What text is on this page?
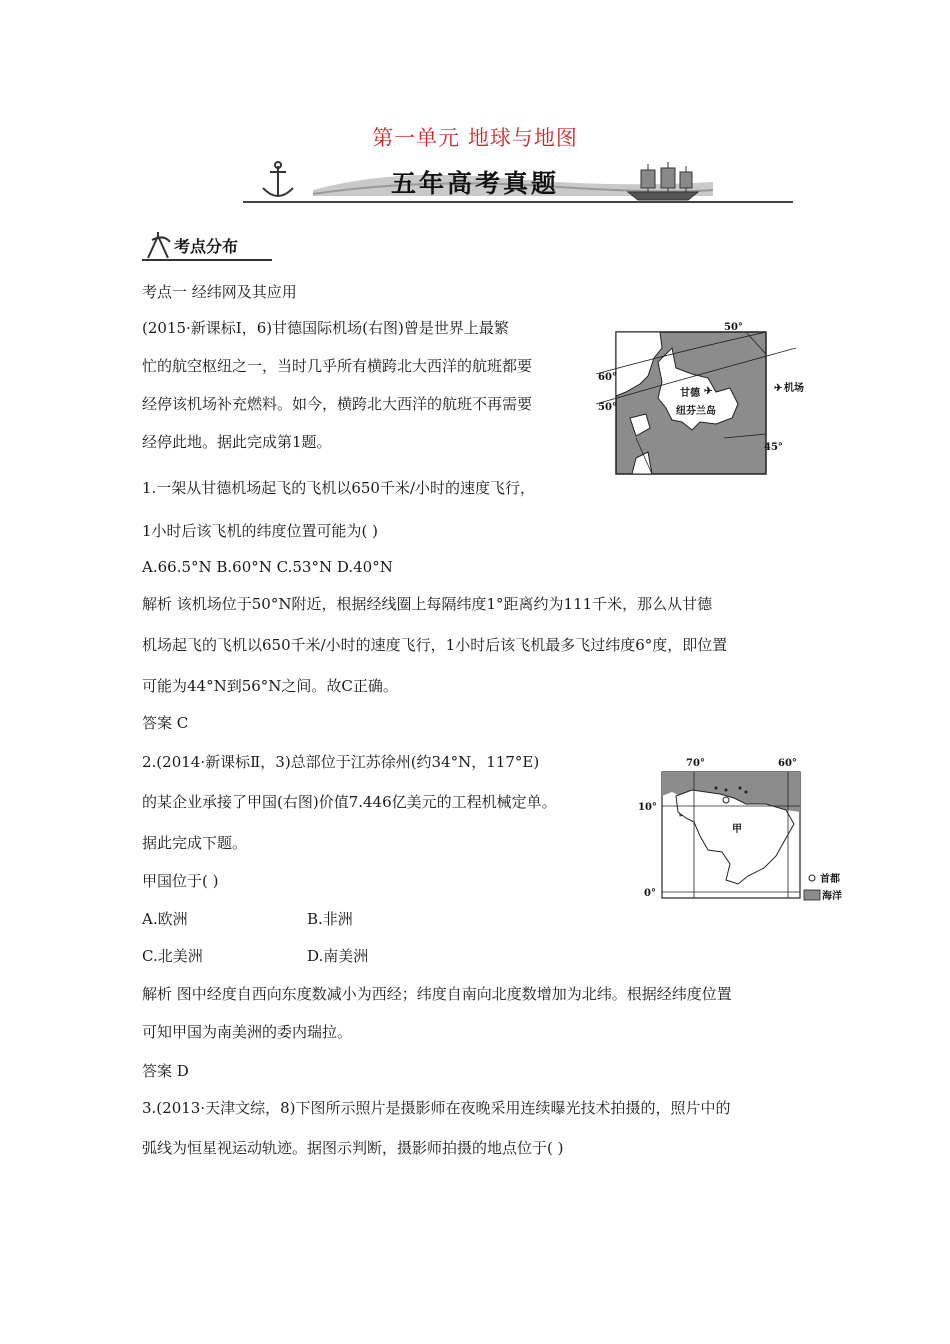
第一单元 地球与地图
五年高考真题
考点分布
考点一 经纬网及其应用
(2015·新课标Ⅰ，6)甘德国际机场(右图)曾是世界上最繁
忙的航空枢纽之一，当时几乎所有横跨北大西洋的航班都要
经停该机场补充燃料。如今，横跨北大西洋的航班不再需要
经停此地。据此完成第1题。
1.一架从甘德机场起飞的飞机以650千米/小时的速度飞行，
1小时后该飞机的纬度位置可能为( )
A.66.5°N B.60°N C.53°N D.40°N
解析 该机场位于50°N附近，根据经线圈上每隔纬度1°距离约为111千米，那么从甘德
机场起飞的飞机以650千米/小时的速度飞行，1小时后该飞机最多飞过纬度6°度，即位置
可能为44°N到56°N之间。故C正确。
答案 C
2.(2014·新课标Ⅱ，3)总部位于江苏徐州(约34°N，117°E)
的某企业承接了甲国(右图)价值7.446亿美元的工程机械定单。
据此完成下题。
甲国位于( )
A.欧洲	B.非洲
C.北美洲	D.南美洲
解析 图中经度自西向东度数减小为西经；纬度自南向北度数增加为北纬。根据经纬度位置
可知甲国为南美洲的委内瑞拉。
答案 D
3.(2013·天津文综，8)下图所示照片是摄影师在夜晚采用连续曝光技术拍摄的，照片中的
弧线为恒星视运动轨迹。据图示判断，摄影师拍摄的地点位于( )
✈	✈
50°
60°
50°
45°
甘德
纽芬兰岛
机场
70°	60°
10°
0°
甲
首都
海洋
